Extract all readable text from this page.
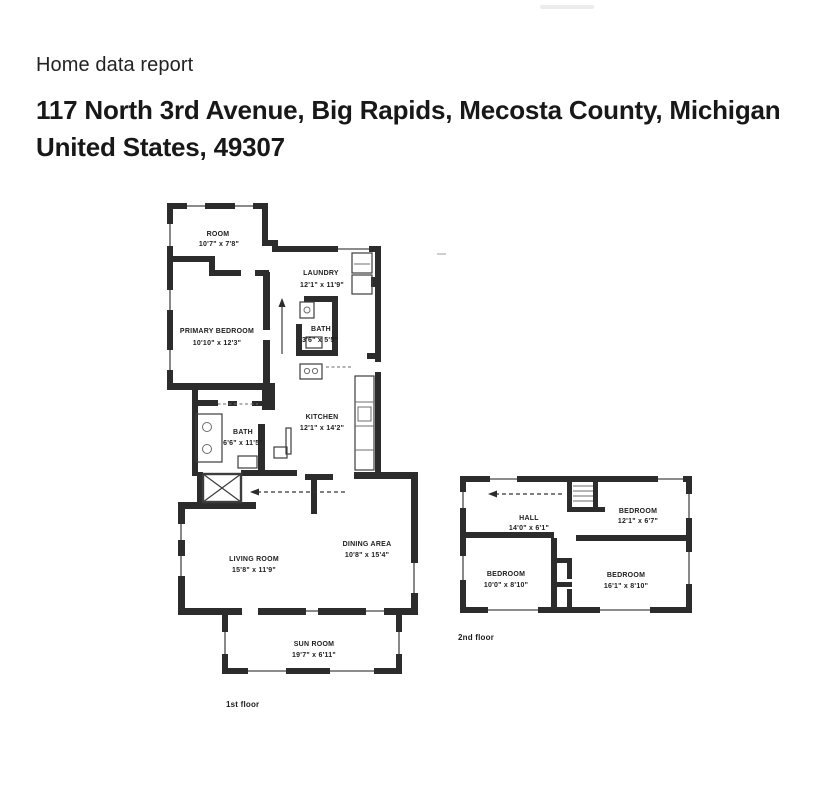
Home data report
117 North 3rd Avenue, Big Rapids, Mecosta County, Michigan
United States, 49307
ROOM
10'7" x 7'8"
LAUNDRY
12'1" x 11'9"
PRIMARY BEDROOM
10'10" x 12'3"
BATH
3'6" x 5'5"
KITCHEN
12'1" x 14'2"
BATH
6'6" x 11'5"
LIVING ROOM
15'8" x 11'9"
DINING AREA
10'8" x 15'4"
SUN ROOM
19'7" x 6'11"
1st floor
HALL
14'0" x 6'1"
BEDROOM
12'1" x 6'7"
BEDROOM
10'0" x 8'10"
BEDROOM
16'1" x 8'10"
2nd floor
